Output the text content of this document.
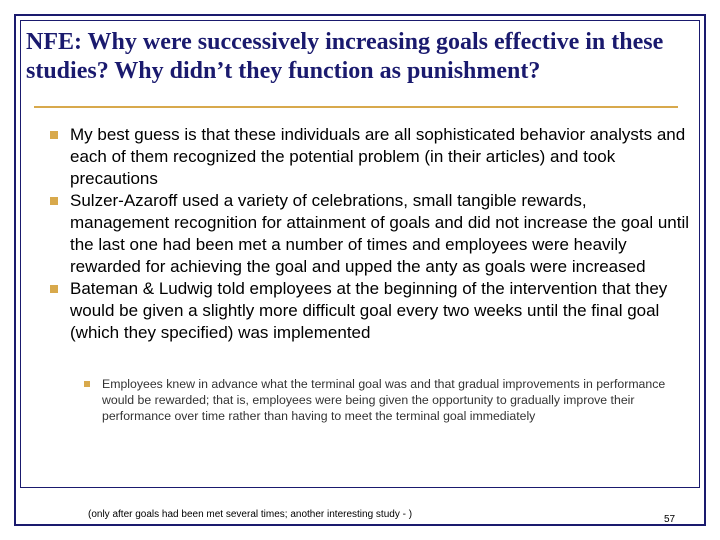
NFE: Why were successively increasing goals effective in these studies? Why didn’t they function as punishment?
My best guess is that these individuals are all sophisticated behavior analysts and each of them recognized the potential problem (in their articles) and took precautions
Sulzer-Azaroff used a variety of celebrations, small tangible rewards, management recognition for attainment of goals and did not increase the goal until the last one had been met a number of times and employees were heavily rewarded for achieving the goal and upped the anty as goals were increased
Bateman & Ludwig told employees at the beginning of the intervention that they would be given a slightly more difficult goal every two weeks until the final goal (which they specified) was implemented
Employees knew in advance what the terminal goal was and that gradual improvements in performance would be rewarded; that is, employees were being given the opportunity to gradually improve their performance over time rather than having to meet the terminal goal immediately
(only after goals had been met several times; another interesting study - )	57
